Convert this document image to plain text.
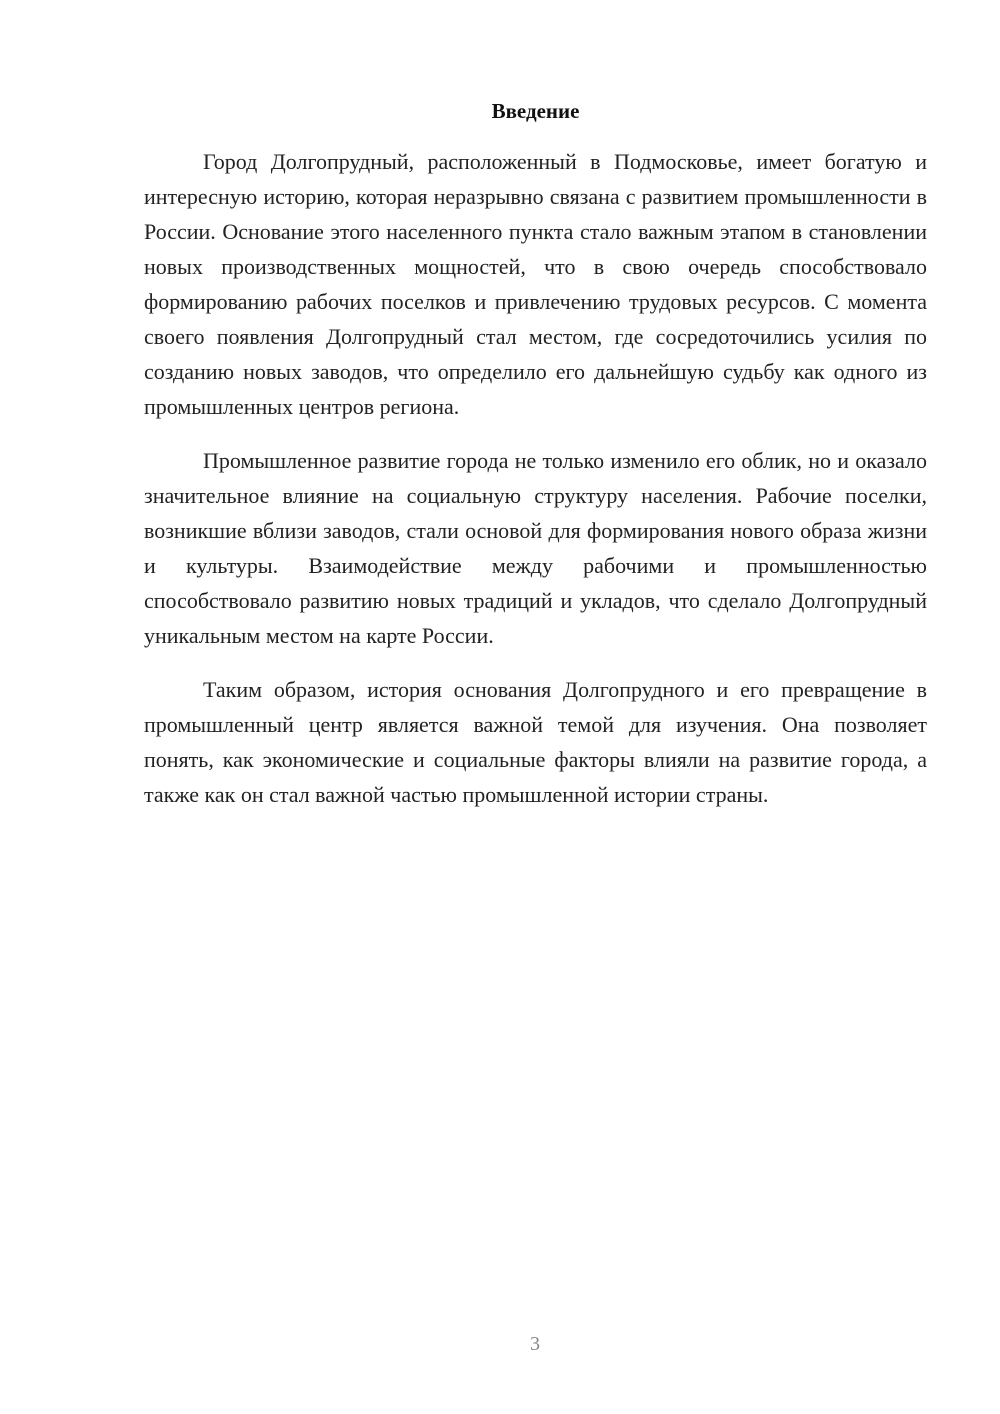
Введение

Город Долгопрудный, расположенный в Подмосковье, имеет богатую и интересную историю, которая неразрывно связана с развитием промышленности в России. Основание этого населенного пункта стало важным этапом в становлении новых производственных мощностей, что в свою очередь способствовало формированию рабочих поселков и привлечению трудовых ресурсов. С момента своего появления Долгопрудный стал местом, где сосредоточились усилия по созданию новых заводов, что определило его дальнейшую судьбу как одного из промышленных центров региона.

Промышленное развитие города не только изменило его облик, но и оказало значительное влияние на социальную структуру населения. Рабочие поселки, возникшие вблизи заводов, стали основой для формирования нового образа жизни и культуры. Взаимодействие между рабочими и промышленностью способствовало развитию новых традиций и укладов, что сделало Долгопрудный уникальным местом на карте России.

Таким образом, история основания Долгопрудного и его превращение в промышленный центр является важной темой для изучения. Она позволяет понять, как экономические и социальные факторы влияли на развитие города, а также как он стал важной частью промышленной истории страны.

3
